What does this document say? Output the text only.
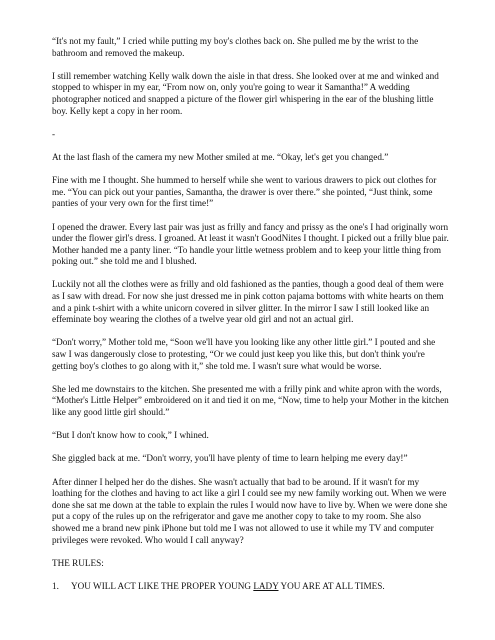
“It's not my fault,” I cried while putting my boy's clothes back on. She pulled me by the wrist to the bathroom and removed the makeup.

I still remember watching Kelly walk down the aisle in that dress. She looked over at me and winked and stopped to whisper in my ear, “From now on, only you're going to wear it Samantha!” A wedding photographer noticed and snapped a picture of the flower girl whispering in the ear of the blushing little boy. Kelly kept a copy in her room.

-

At the last flash of the camera my new Mother smiled at me. “Okay, let's get you changed.”

Fine with me I thought. She hummed to herself while she went to various drawers to pick out clothes for me. “You can pick out your panties, Samantha, the drawer is over there.” she pointed, “Just think, some panties of your very own for the first time!”

I opened the drawer. Every last pair was just as frilly and fancy and prissy as the one's I had originally worn under the flower girl's dress. I groaned. At least it wasn't GoodNites I thought. I picked out a frilly blue pair. Mother handed me a panty liner. “To handle your little wetness problem and to keep your little thing from poking out.” she told me and I blushed.

Luckily not all the clothes were as frilly and old fashioned as the panties, though a good deal of them were as I saw with dread. For now she just dressed me in pink cotton pajama bottoms with white hearts on them and a pink t-shirt with a white unicorn covered in silver glitter. In the mirror I saw I still looked like an effeminate boy wearing the clothes of a twelve year old girl and not an actual girl.

“Don't worry,” Mother told me, “Soon we'll have you looking like any other little girl.” I pouted and she saw I was dangerously close to protesting, “Or we could just keep you like this, but don't think you're getting boy's clothes to go along with it,” she told me. I wasn't sure what would be worse.

She led me downstairs to the kitchen. She presented me with a frilly pink and white apron with the words, “Mother's Little Helper” embroidered on it and tied it on me, “Now, time to help your Mother in the kitchen like any good little girl should.”

“But I don't know how to cook,” I whined.

She giggled back at me. “Don't worry, you'll have plenty of time to learn helping me every day!”

After dinner I helped her do the dishes. She wasn't actually that bad to be around. If it wasn't for my loathing for the clothes and having to act like a girl I could see my new family working out. When we were done she sat me down at the table to explain the rules I would now have to live by. When we were done she put a copy of the rules up on the refrigerator and gave me another copy to take to my room. She also showed me a brand new pink iPhone but told me I was not allowed to use it while my TV and computer privileges were revoked. Who would I call anyway?

THE RULES:

1. YOU WILL ACT LIKE THE PROPER YOUNG LADY YOU ARE AT ALL TIMES.
